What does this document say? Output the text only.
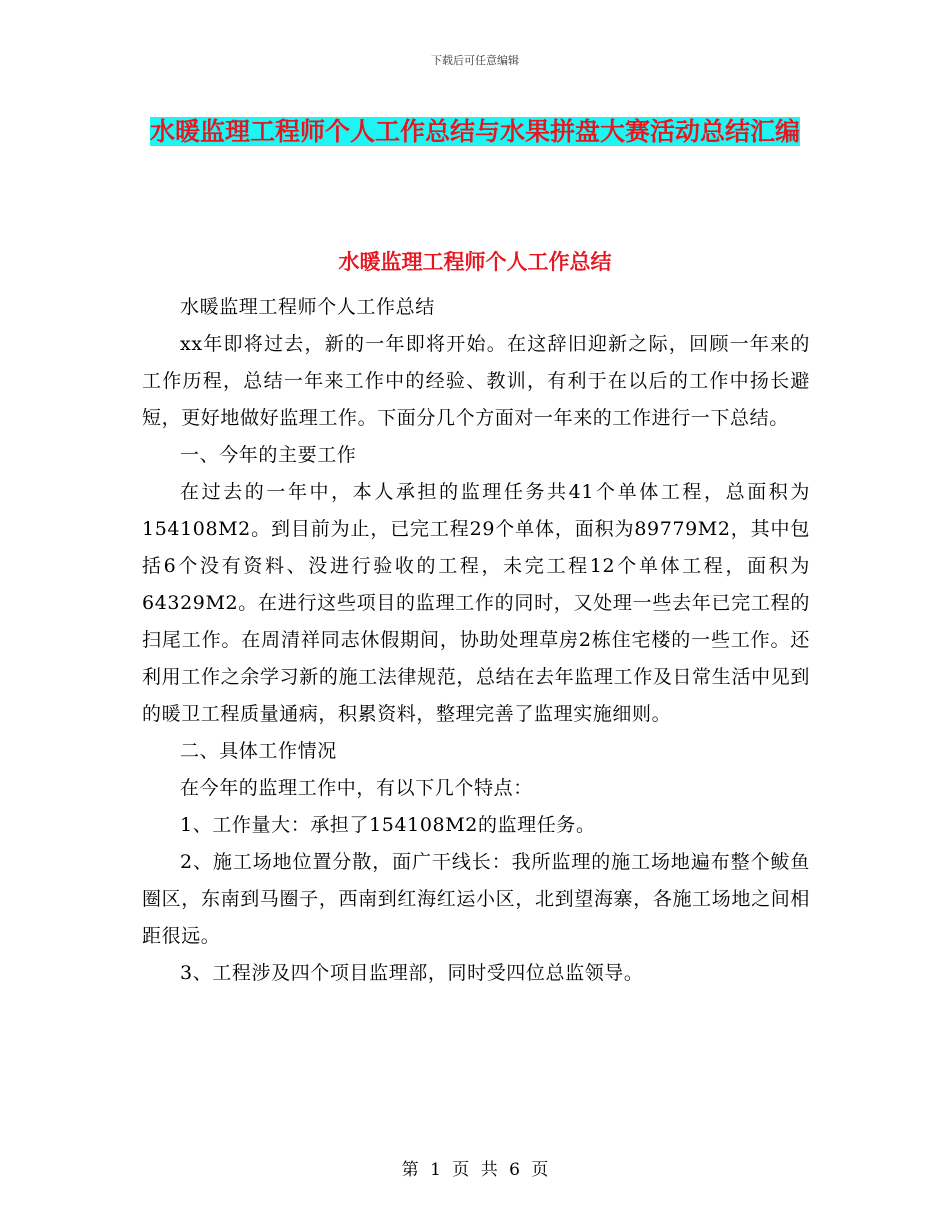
下载后可任意编辑
水暖监理工程师个人工作总结与水果拼盘大赛活动总结汇编
水暖监理工程师个人工作总结

水暖监理工程师个人工作总结

xx年即将过去，新的一年即将开始。在这辞旧迎新之际，回顾一年来的工作历程，总结一年来工作中的经验、教训，有利于在以后的工作中扬长避短，更好地做好监理工作。下面分几个方面对一年来的工作进行一下总结。

一、今年的主要工作

在过去的一年中，本人承担的监理任务共41个单体工程，总面积为154108M2。到目前为止，已完工程29个单体，面积为89779M2，其中包括6个没有资料、没进行验收的工程，未完工程12个单体工程，面积为64329M2。在进行这些项目的监理工作的同时，又处理一些去年已完工程的扫尾工作。在周清祥同志休假期间，协助处理草房2栋住宅楼的一些工作。还利用工作之余学习新的施工法律规范，总结在去年监理工作及日常生活中见到的暖卫工程质量通病，积累资料，整理完善了监理实施细则。

二、具体工作情况

在今年的监理工作中，有以下几个特点：

1、工作量大：承担了154108M2的监理任务。

2、施工场地位置分散，面广干线长：我所监理的施工场地遍布整个鲅鱼圈区，东南到马圈子，西南到红海红运小区，北到望海寨，各施工场地之间相距很远。

3、工程涉及四个项目监理部，同时受四位总监领导。

第 1 页 共 6 页
